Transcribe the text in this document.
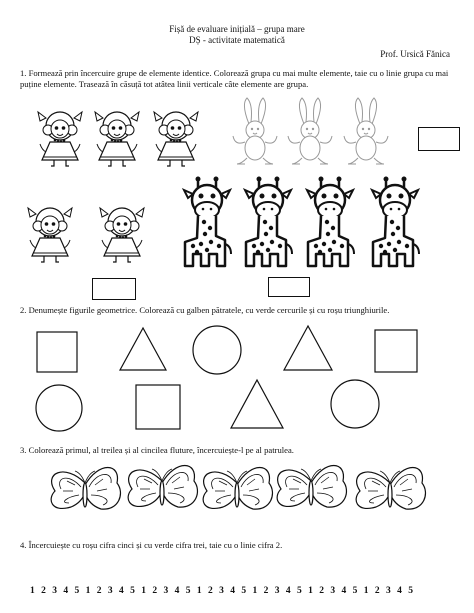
Fișă de evaluare inițială – grupa mare
DȘ - activitate matematică
Prof. Ursică Fănica
1. Formează prin încercuire grupe de elemente identice. Colorează grupa cu mai multe elemente, taie cu o linie grupa cu mai puține elemente. Trasează în căsuță tot atâtea linii verticale câte elemente are grupa.
2. Denumește figurile geometrice. Colorează cu galben pătratele, cu verde cercurile și cu roșu triunghiurile.
3. Colorează primul, al treilea și al cincilea fluture, încercuiește-l pe al patrulea.
4. Încercuiește cu roșu cifra cinci și cu verde cifra trei, taie cu o linie cifra 2.
1 2 3 4 5 1 2 3 4 5 1 2 3 4 5 1 2 3 4 5 1 2 3 4 5 1 2 3 4 5 1 2 3 4 5
